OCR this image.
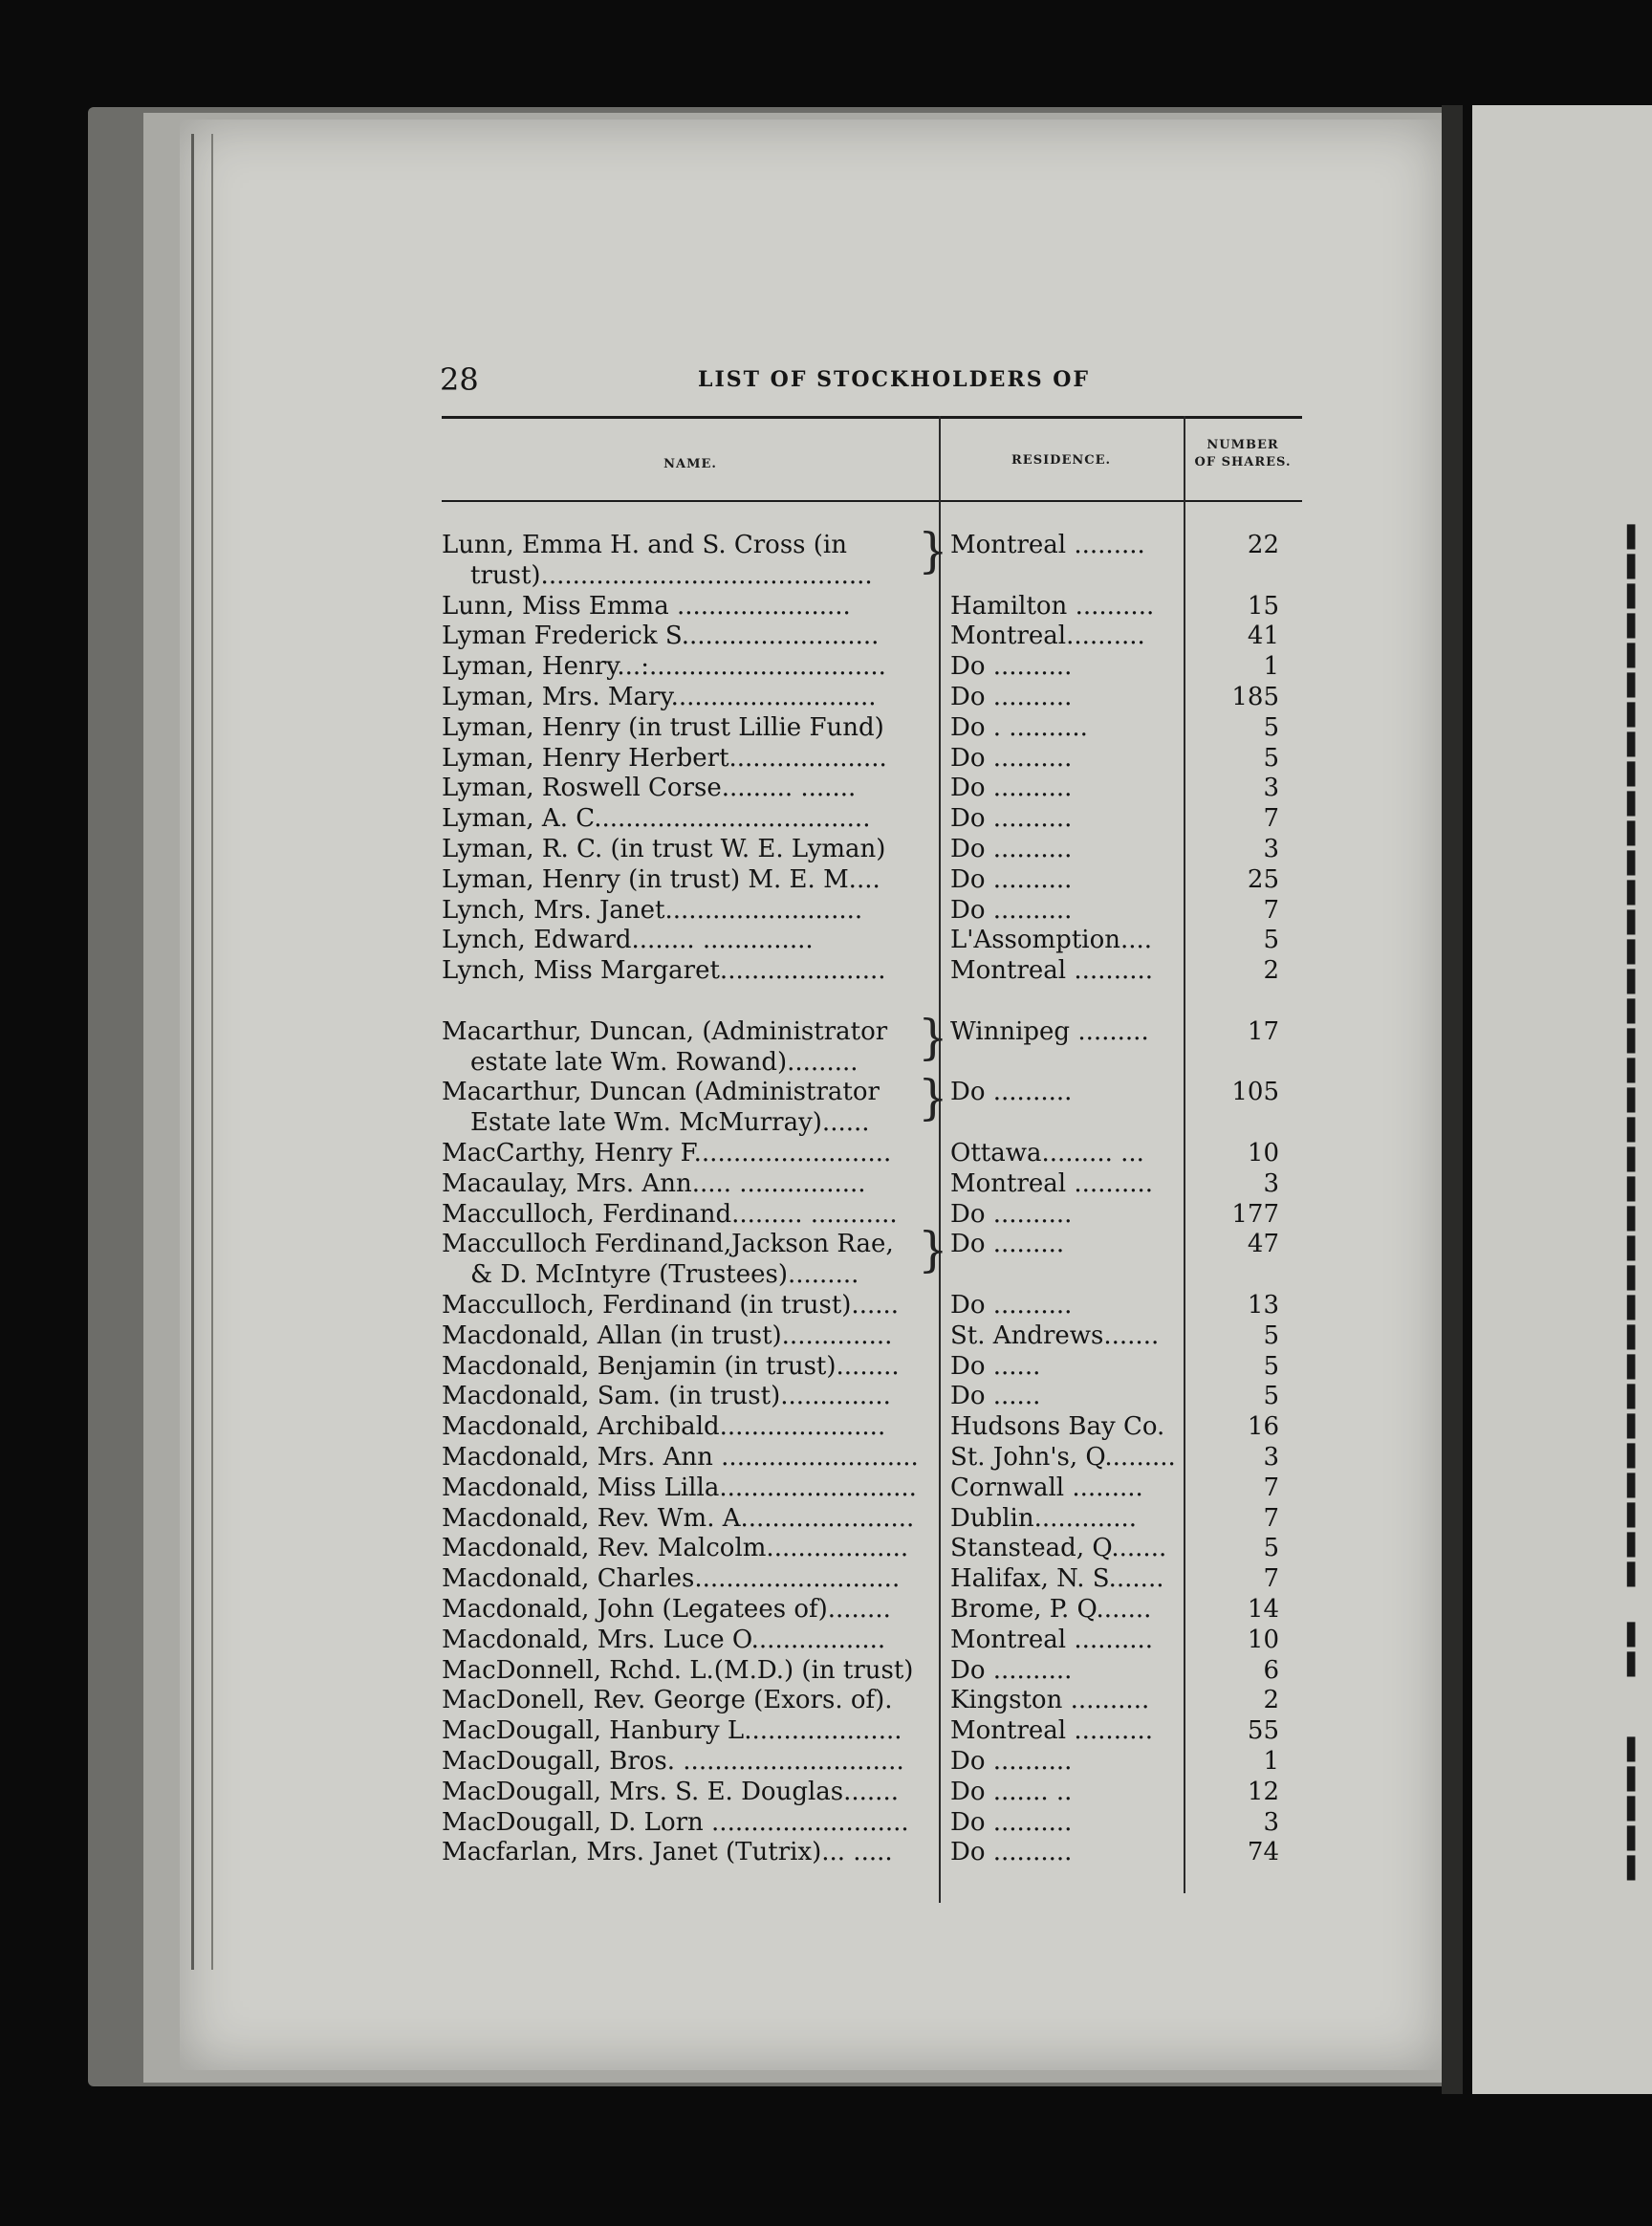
28	LIST OF STOCKHOLDERS OF
NAME.	RESIDENCE.
NUMBER
OF SHARES.
Lunn, Emma H. and S. Cross (in	} Montreal .........	22
trust)..........................................
Lunn, Miss Emma ......................	Hamilton ..........	15
Lyman Frederick S.........................	Montreal..........	41
Lyman, Henry...:..............................	Do ..........	1
Lyman, Mrs. Mary..........................	Do ..........	185
Lyman, Henry (in trust Lillie Fund)	Do . ..........	5
Lyman, Henry Herbert....................	Do ..........	5
Lyman, Roswell Corse......... .......	Do ..........	3
Lyman, A. C...................................	Do ..........	7
Lyman, R. C. (in trust W. E. Lyman)	Do ..........	3
Lyman, Henry (in trust) M. E. M....	Do ..........	25
Lynch, Mrs. Janet.........................	Do ..........	7
Lynch, Edward........ ..............	L'Assomption....	5
Lynch, Miss Margaret.....................	Montreal ..........	2
Macarthur, Duncan, (Administrator } Winnipeg .........	17
estate late Wm. Rowand).........
Macarthur, Duncan (Administrator } Do ..........	105
Estate late Wm. McMurray)......
MacCarthy, Henry F.........................	Ottawa......... ...	10
Macaulay, Mrs. Ann..... ................	Montreal ..........	3
Macculloch, Ferdinand......... ...........	Do ..........	177
Macculloch Ferdinand,Jackson Rae, } Do .........	47
& D. McIntyre (Trustees).........
Macculloch, Ferdinand (in trust)......	Do ..........	13
Macdonald, Allan (in trust)..............	St. Andrews.......	5
Macdonald, Benjamin (in trust)........	Do ......	5
Macdonald, Sam. (in trust)..............	Do ......	5
Macdonald, Archibald.....................	Hudsons Bay Co.	16
Macdonald, Mrs. Ann ......................... St. John's, Q.........	3
Macdonald, Miss Lilla.........................	Cornwall .........	7
Macdonald, Rev. Wm. A......................	Dublin.............	7
Macdonald, Rev. Malcolm..................	Stanstead, Q.......	5
Macdonald, Charles..........................	Halifax, N. S.......	7
Macdonald, John (Legatees of)........	Brome, P. Q.......	14
Macdonald, Mrs. Luce O.................	Montreal ..........	10
MacDonnell, Rchd. L.(M.D.) (in trust)	Do ..........	6
MacDonell, Rev. George (Exors. of).	Kingston ..........	2
MacDougall, Hanbury L....................	Montreal ..........	55
MacDougall, Bros. ............................	Do ..........	1
MacDougall, Mrs. S. E. Douglas.......	Do ....... ..	12
MacDougall, D. Lorn .........................	Do ..........	3
Macfarlan, Mrs. Janet (Tutrix)... .....	Do ..........	74
▌
▌
▌
▌
▌
▌
▌
▌
▌
▌
▌
▌
▌
▌
▌
▌
▌
▌
▌
▌
▌
▌
▌
▌
▌
▌
▌
▌
▌
▌
▌
▌
▌
▌
▌
▌
▌
▌
▌
▌
▌
▌
▌
